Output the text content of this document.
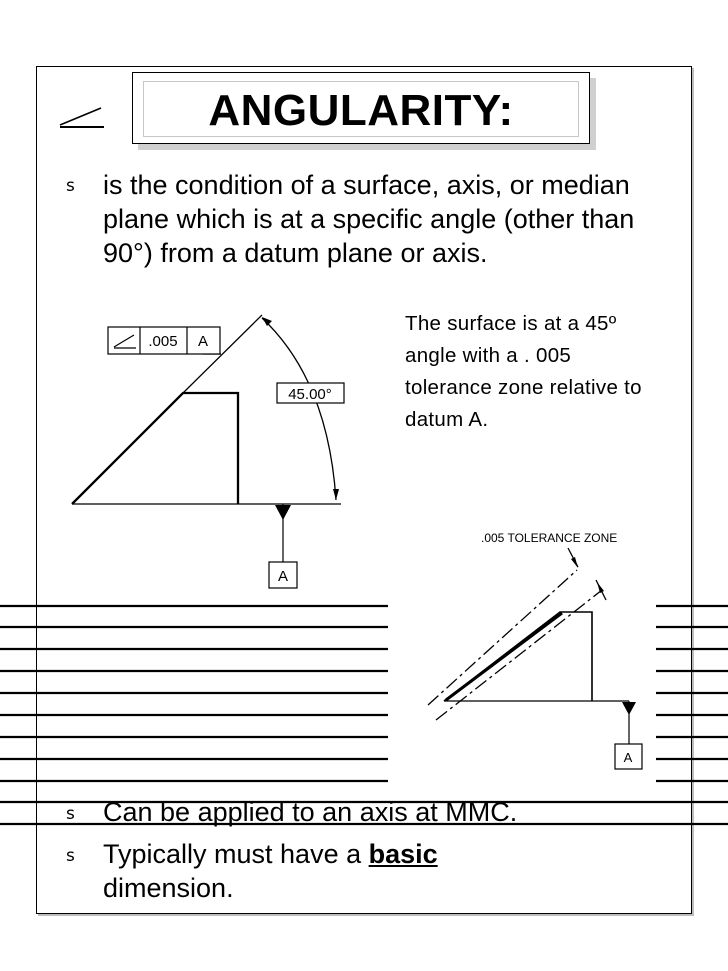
ANGULARITY:
s is the condition of a surface, axis, or median plane which is at a specific angle (other than 90°) from a datum plane or axis.
A
.005 A
45.00°
The surface is at a 45º angle with a . 005 tolerance zone relative to datum A.
A
.005 TOLERANCE ZONE
s Can be applied to an axis at MMC.
s Typically must have a basic
dimension.
